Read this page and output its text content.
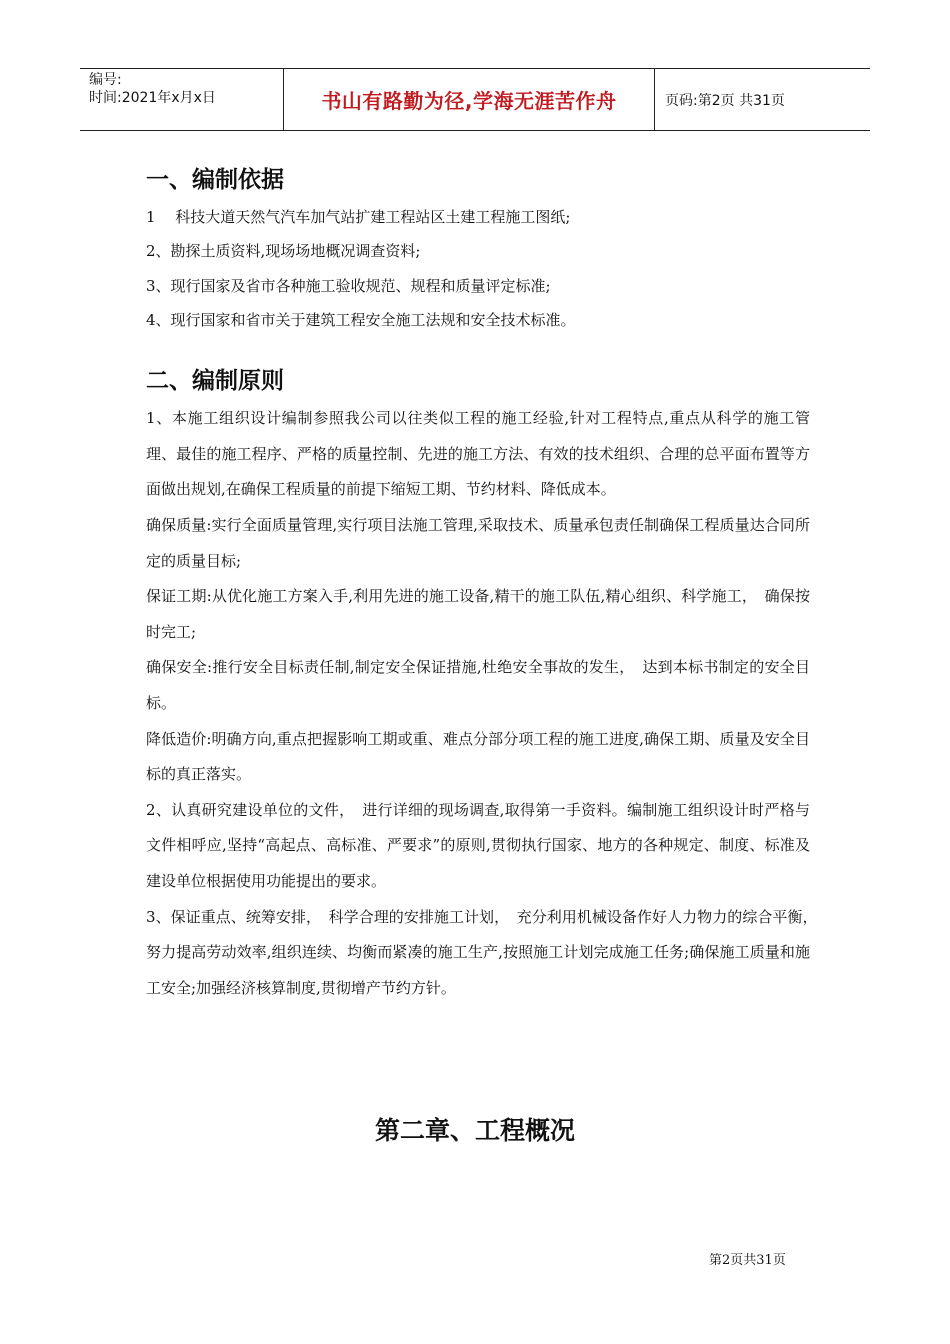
编号:
时间:2021年x月x日	书山有路勤为径,学海无涯苦作舟	页码:第2页 共31页
一、编制依据

1　 科技大道天然气汽车加气站扩建工程站区土建工程施工图纸;

2、勘探土质资料,现场场地概况调查资料;

3、现行国家及省市各种施工验收规范、规程和质量评定标准;

4、现行国家和省市关于建筑工程安全施工法规和安全技术标准。

二、编制原则

1、本施工组织设计编制参照我公司以往类似工程的施工经验,针对工程特点,重点从科学的施工管理、最佳的施工程序、严格的质量控制、先进的施工方法、有效的技术组织、合理的总平面布置等方面做出规划,在确保工程质量的前提下缩短工期、节约材料、降低成本。

确保质量:实行全面质量管理,实行项目法施工管理,采取技术、质量承包责任制确保工程质量达合同所定的质量目标;

保证工期:从优化施工方案入手,利用先进的施工设备,精干的施工队伍,精心组织、科学施工，　确保按时完工;

确保安全:推行安全目标责任制,制定安全保证措施,杜绝安全事故的发生，　达到本标书制定的安全目标。

降低造价:明确方向,重点把握影响工期或重、难点分部分项工程的施工进度,确保工期、质量及安全目标的真正落实。

2、认真研究建设单位的文件，　进行详细的现场调查,取得第一手资料。编制施工组织设计时严格与文件相呼应,坚持“高起点、高标准、严要求”的原则,贯彻执行国家、地方的各种规定、制度、标准及建设单位根据使用功能提出的要求。

3、保证重点、统筹安排，　科学合理的安排施工计划，　充分利用机械设备作好人力物力的综合平衡，　努力提高劳动效率,组织连续、均衡而紧凑的施工生产,按照施工计划完成施工任务;确保施工质量和施工安全;加强经济核算制度,贯彻增产节约方针。

第二章、工程概况
第2页共31页
